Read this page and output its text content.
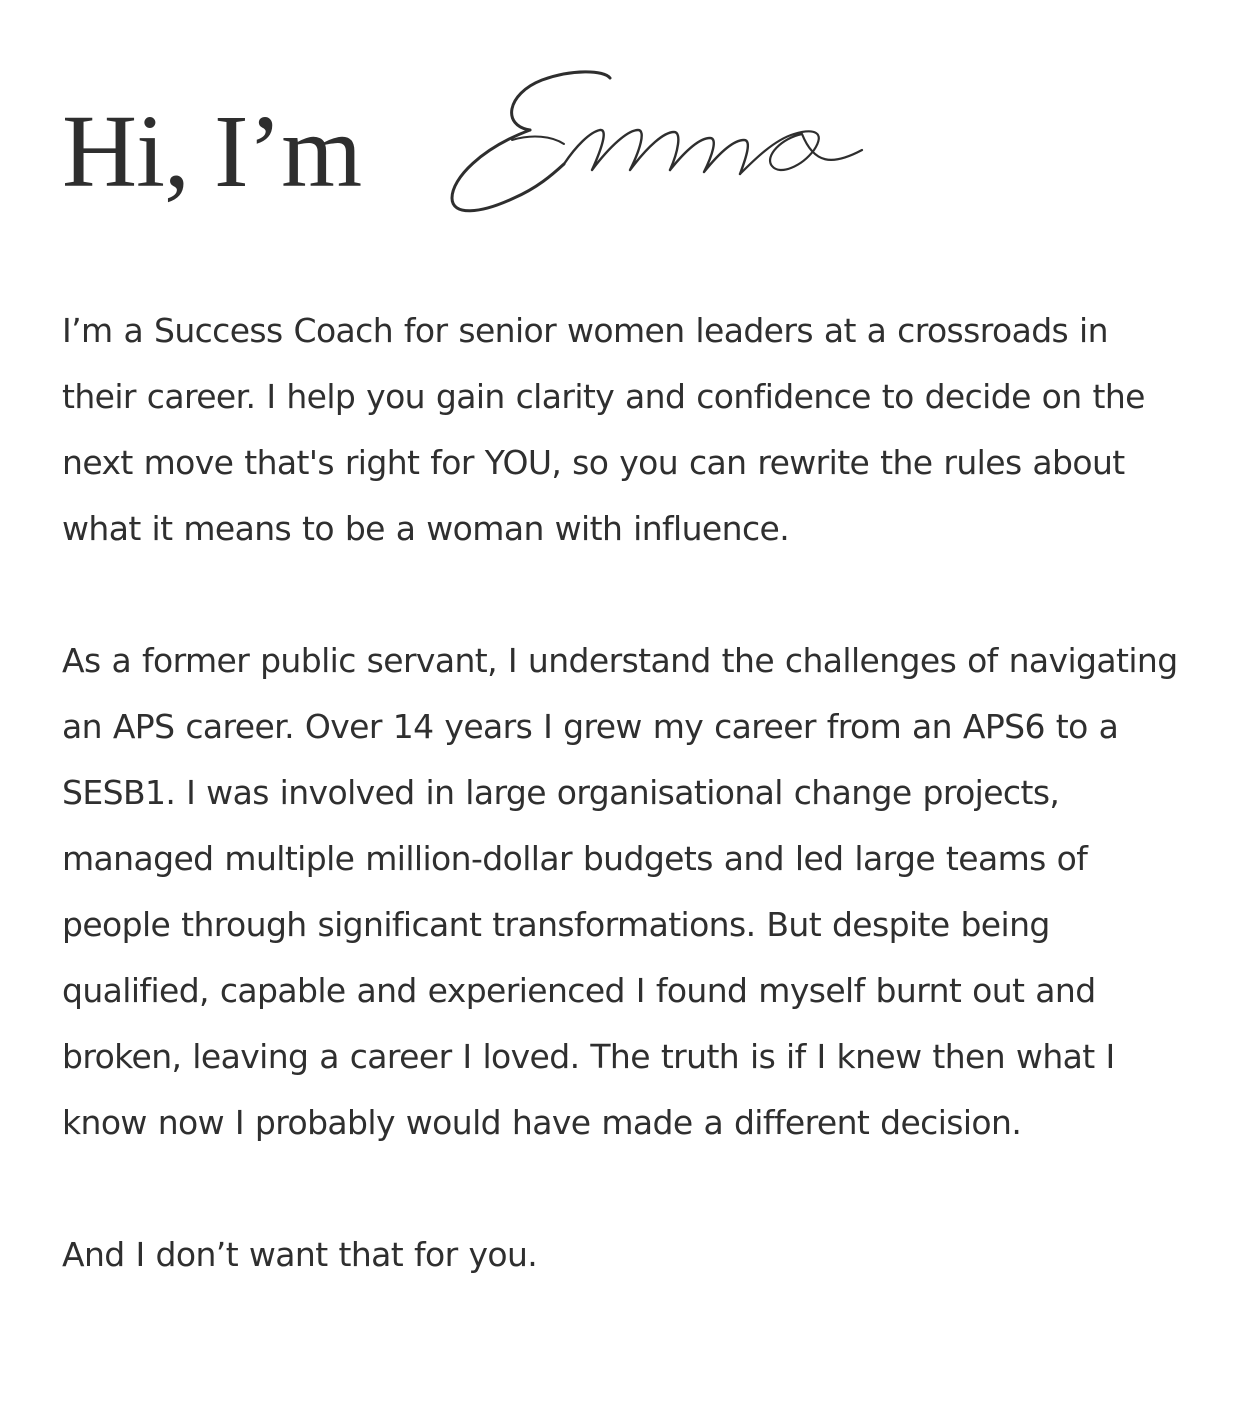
Hi, I’m

I’m a Success Coach for senior women leaders at a crossroads in their career. I help you gain clarity and confidence to decide on the next move that's right for YOU, so you can rewrite the rules about what it means to be a woman with influence.

As a former public servant, I understand the challenges of navigating an APS career. Over 14 years I grew my career from an APS6 to a SESB1. I was involved in large organisational change projects, managed multiple million-dollar budgets and led large teams of people through significant transformations. But despite being qualified, capable and experienced I found myself burnt out and broken, leaving a career I loved. The truth is if I knew then what I know now I probably would have made a different decision.

And I don’t want that for you.
